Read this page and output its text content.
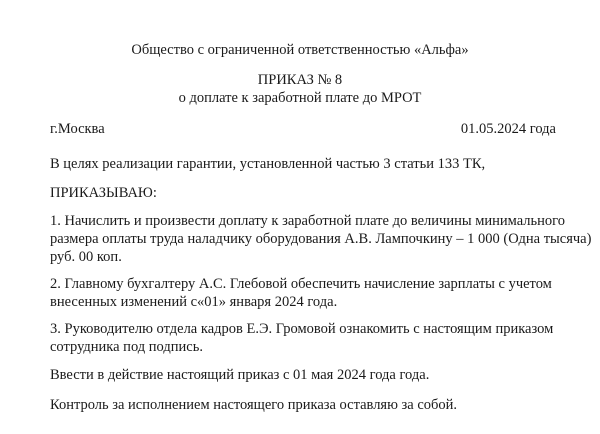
Общество с ограниченной ответственностью «Альфа»
ПРИКАЗ № 8
о доплате к заработной плате до МРОТ
г.Москва	01.05.2024 года
В целях реализации гарантии, установленной частью 3 статьи 133 ТК,
ПРИКАЗЫВАЮ:
1. Начислить и произвести доплату к заработной плате до величины минимального
размера оплаты труда наладчику оборудования А.В. Лампочкину – 1 000 (Одна тысяча)
руб. 00 коп.
2. Главному бухгалтеру А.С. Глебовой обеспечить начисление зарплаты с учетом
внесенных изменений с«01» января 2024 года.
3. Руководителю отдела кадров Е.Э. Громовой ознакомить с настоящим приказом
сотрудника под подпись.
Ввести в действие настоящий приказ с 01 мая 2024 года года.
Контроль за исполнением настоящего приказа оставляю за собой.
